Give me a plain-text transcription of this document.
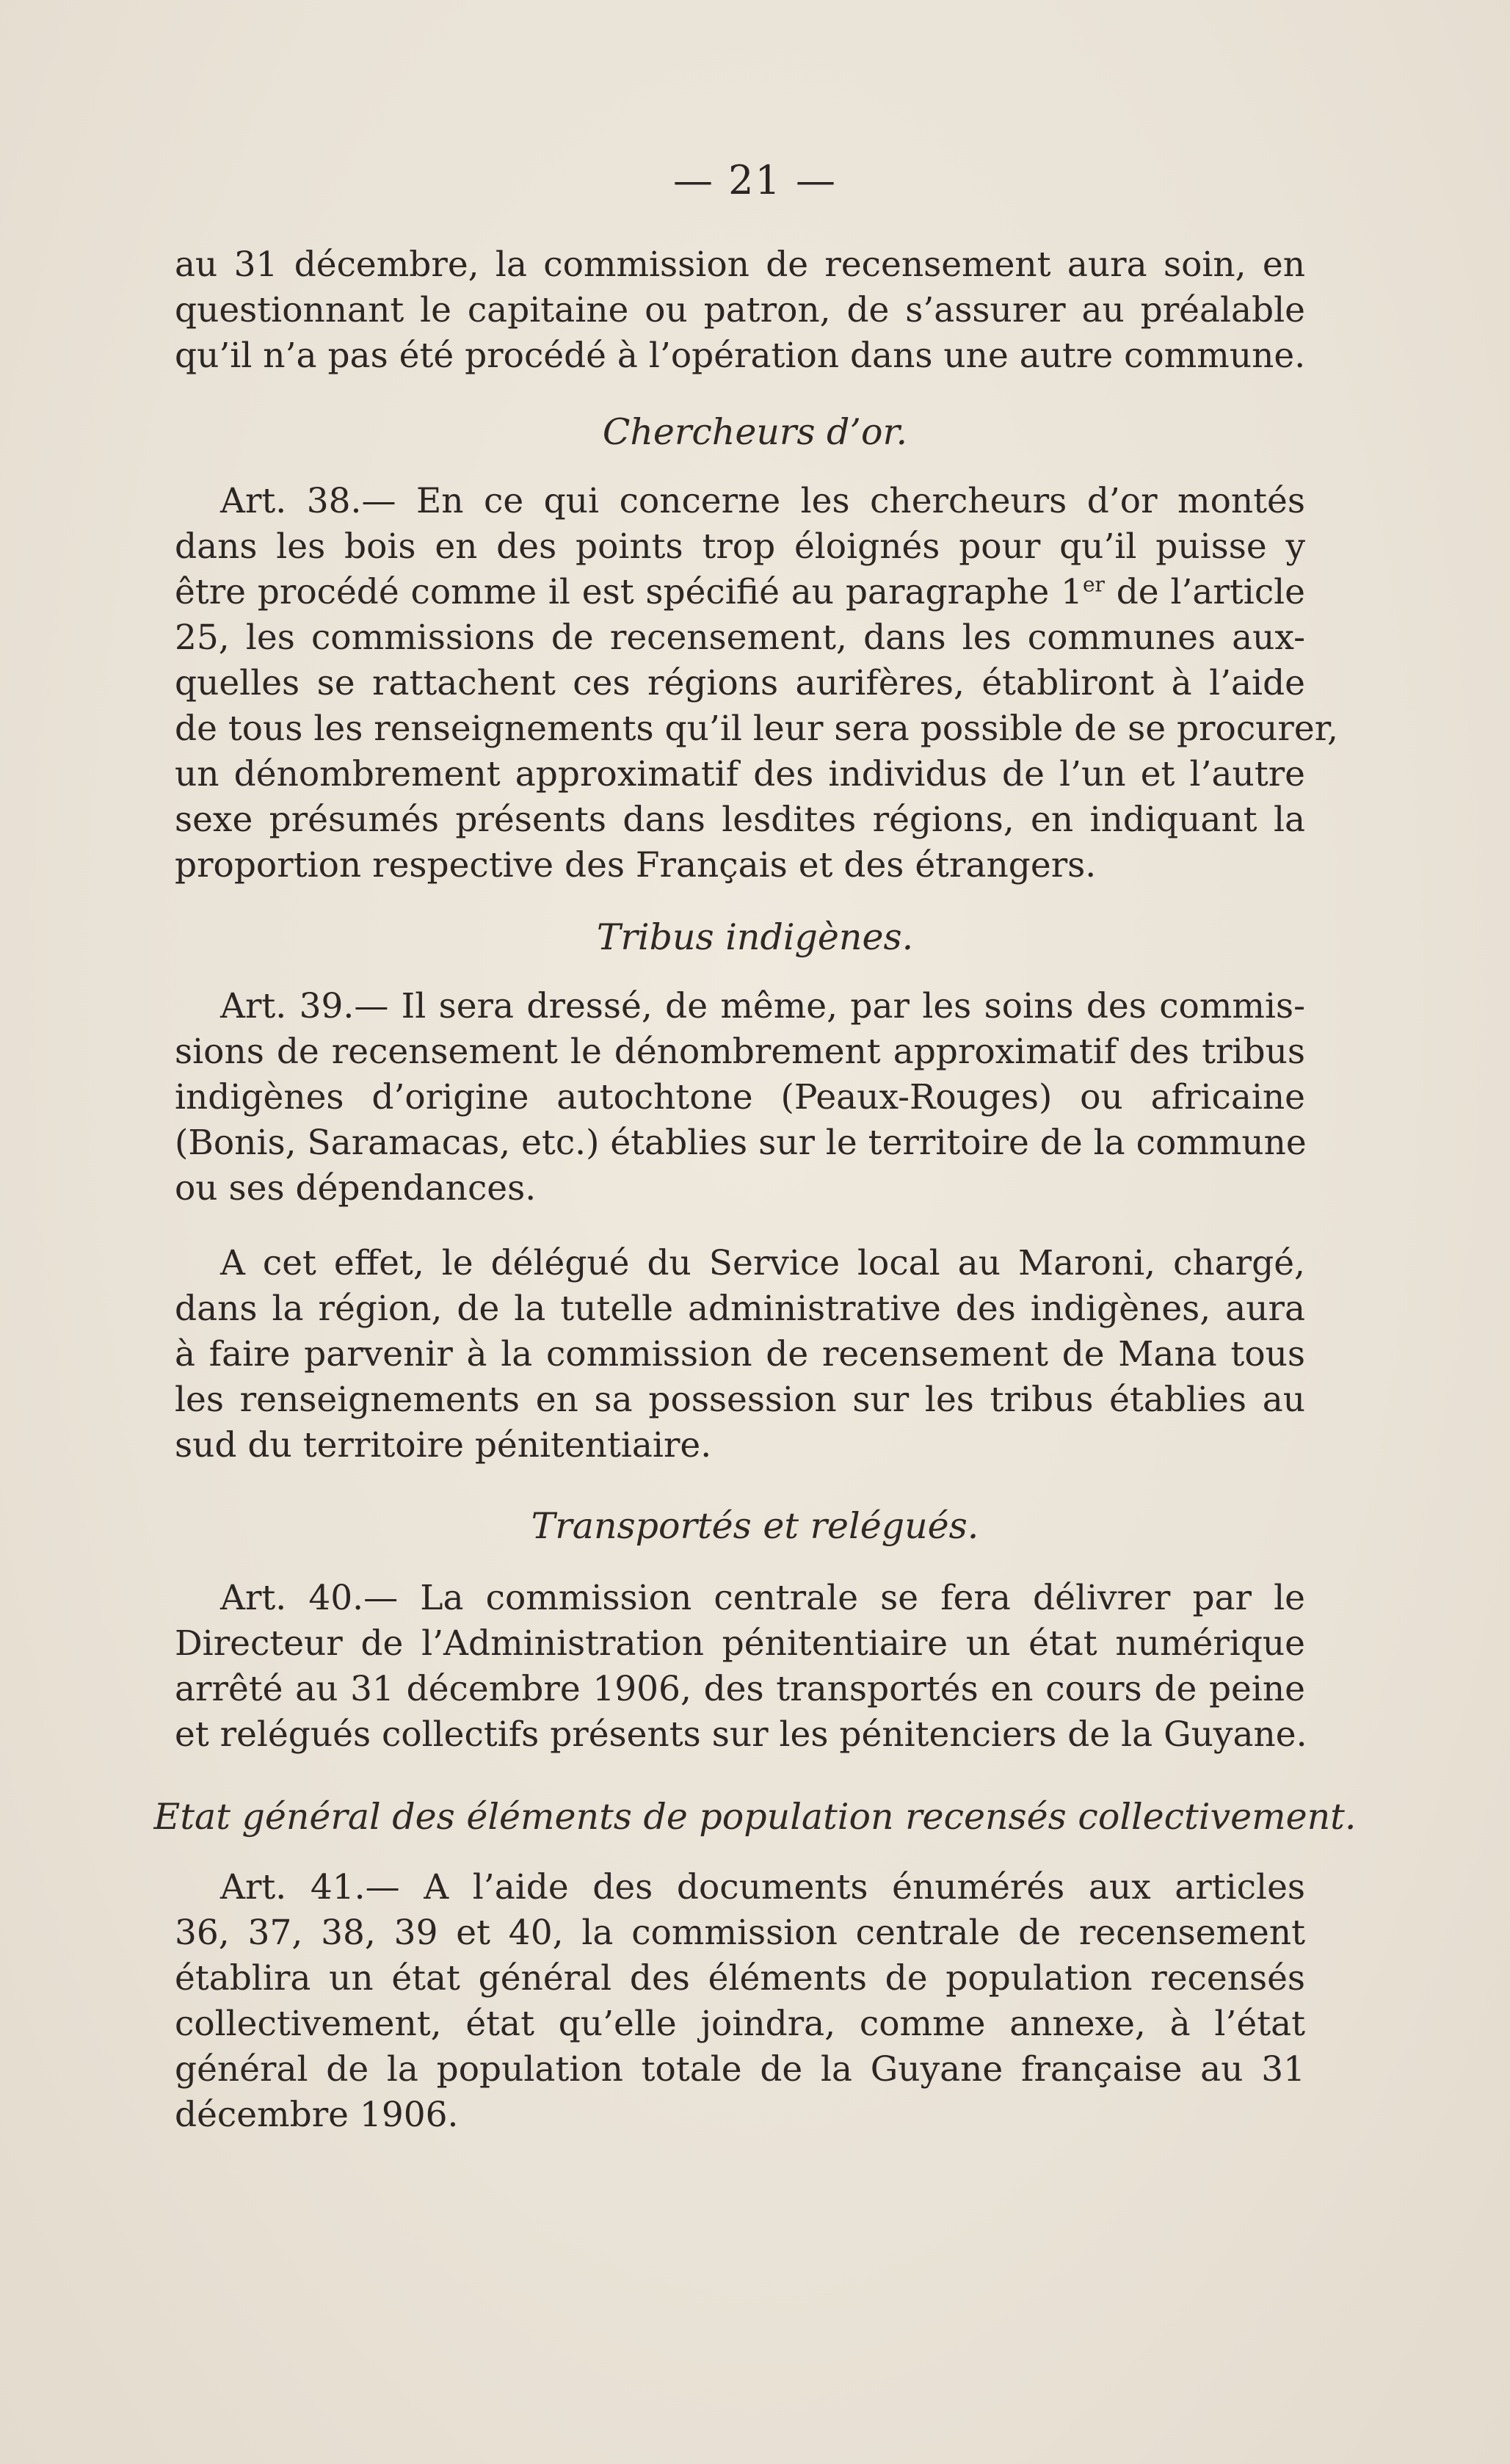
— 21 —
au 31 décembre, la commission de recensement aura soin, en
questionnant le capitaine ou patron, de s’assurer au préalable
qu’il n’a pas été procédé à l’opération dans une autre commune.
Chercheurs d’or.
Art. 38.— En ce qui concerne les chercheurs d’or montés
dans les bois en des points trop éloignés pour qu’il puisse y
être procédé comme il est spécifié au paragraphe 1er de l’article
25, les commissions de recensement, dans les communes aux-
quelles se rattachent ces régions aurifères, établiront à l’aide
de tous les renseignements qu’il leur sera possible de se procurer,
un dénombrement approximatif des individus de l’un et l’autre
sexe présumés présents dans lesdites régions, en indiquant la
proportion respective des Français et des étrangers.
Tribus indigènes.
Art. 39.— Il sera dressé, de même, par les soins des commis-
sions de recensement le dénombrement approximatif des tribus
indigènes d’origine autochtone (Peaux-Rouges) ou africaine
(Bonis, Saramacas, etc.) établies sur le territoire de la commune
ou ses dépendances.
A cet effet, le délégué du Service local au Maroni, chargé,
dans la région, de la tutelle administrative des indigènes, aura
à faire parvenir à la commission de recensement de Mana tous
les renseignements en sa possession sur les tribus établies au
sud du territoire pénitentiaire.
Transportés et relégués.
Art. 40.— La commission centrale se fera délivrer par le
Directeur de l’Administration pénitentiaire un état numérique
arrêté au 31 décembre 1906, des transportés en cours de peine
et relégués collectifs présents sur les pénitenciers de la Guyane.
Etat général des éléments de population recensés collectivement.
Art. 41.— A l’aide des documents énumérés aux articles
36, 37, 38, 39 et 40, la commission centrale de recensement
établira un état général des éléments de population recensés
collectivement, état qu’elle joindra, comme annexe, à l’état
général de la population totale de la Guyane française au 31
décembre 1906.
